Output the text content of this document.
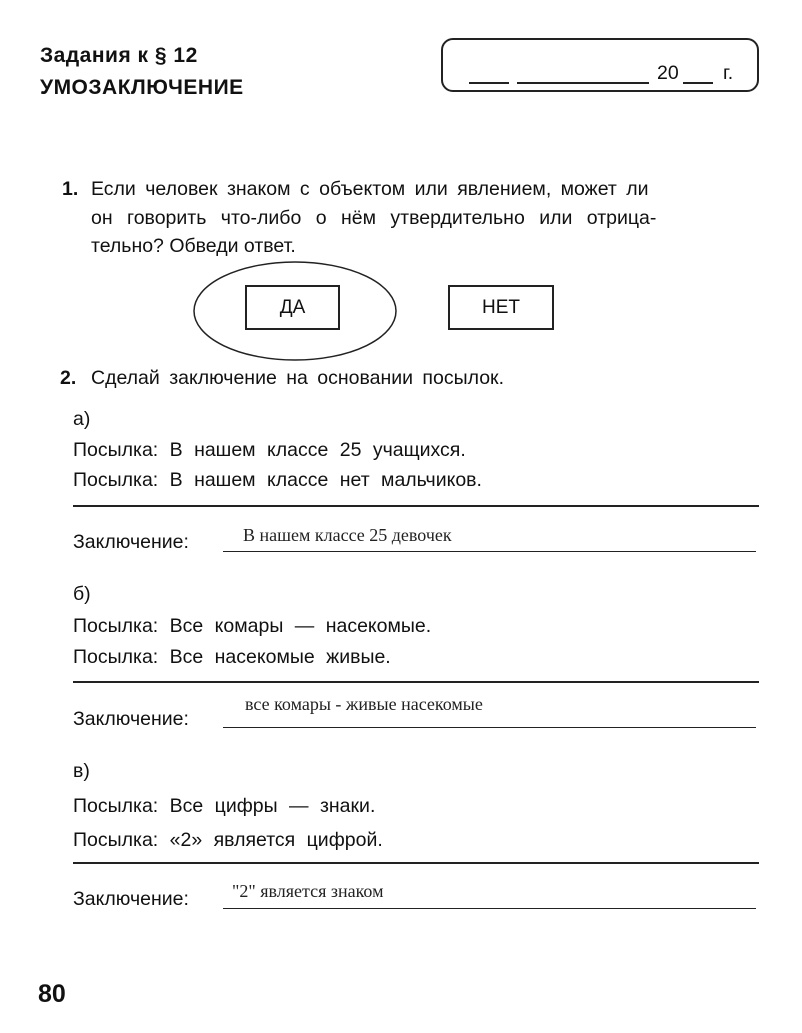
Задания к § 12
УМОЗАКЛЮЧЕНИЕ
20 г.
1. Если человек знаком с объектом или явлением, может ли
он говорить что-либо о нём утвердительно или отрица-
тельно? Обведи ответ.
ДА	НЕТ
2. Сделай заключение на основании посылок.
а)
Посылка: В нашем классе 25 учащихся.
Посылка: В нашем классе нет мальчиков.
Заключение:	В нашем классе 25 девочек
б)
Посылка: Все комары — насекомые.
Посылка: Все насекомые живые.
Заключение:
все комары - живые насекомые
в)
Посылка: Все цифры — знаки.
Посылка: «2» является цифрой.
Заключение: "2" является знаком
80
